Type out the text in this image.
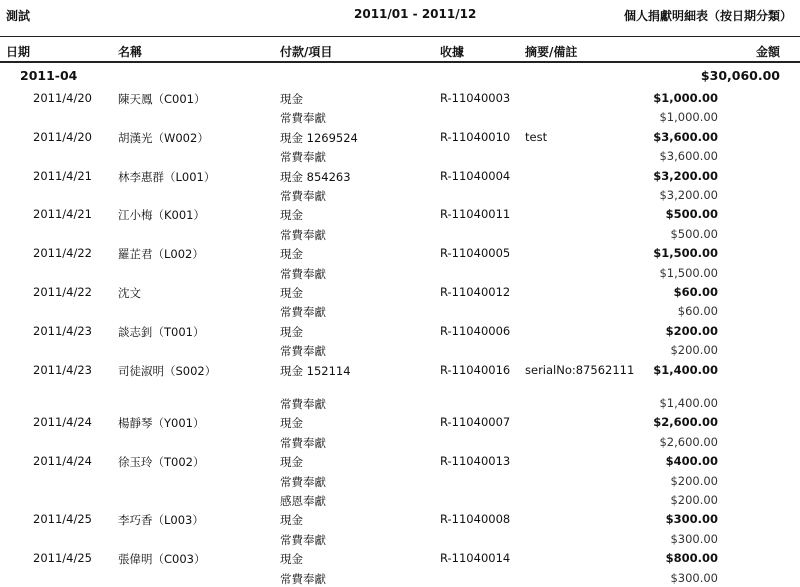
測試	2011/01 - 2011/12	個人捐獻明細表（按日期分類）
日期	名稱	付款/項目	收據	摘要/備註	金額
2011-04	$30,060.00
2011/4/20 陳天鳳（C001）	現金	R-11040003	$1,000.00
常費奉獻	$1,000.00
2011/4/20 胡漢光（W002）	現金 1269524	R-11040010 test	$3,600.00
常費奉獻	$3,600.00
2011/4/21 林李惠群（L001）	現金 854263	R-11040004	$3,200.00
常費奉獻	$3,200.00
2011/4/21 江小梅（K001）	現金	R-11040011	$500.00
常費奉獻	$500.00
2011/4/22 羅芷君（L002）	現金	R-11040005	$1,500.00
常費奉獻	$1,500.00
2011/4/22 沈文	現金	R-11040012	$60.00
常費奉獻	$60.00
2011/4/23 談志釗（T001）	現金	R-11040006	$200.00
常費奉獻	$200.00
2011/4/23 司徒淑明（S002）	現金 152114	R-11040016 serialNo:87562111 $1,400.00
常費奉獻	$1,400.00
2011/4/24 楊靜琴（Y001）	現金	R-11040007	$2,600.00
常費奉獻	$2,600.00
2011/4/24 徐玉玲（T002）	現金	R-11040013	$400.00
常費奉獻	$200.00
感恩奉獻	$200.00
2011/4/25 李巧香（L003）	現金	R-11040008	$300.00
常費奉獻	$300.00
2011/4/25 張偉明（C003）	現金	R-11040014	$800.00
常費奉獻	$300.00
